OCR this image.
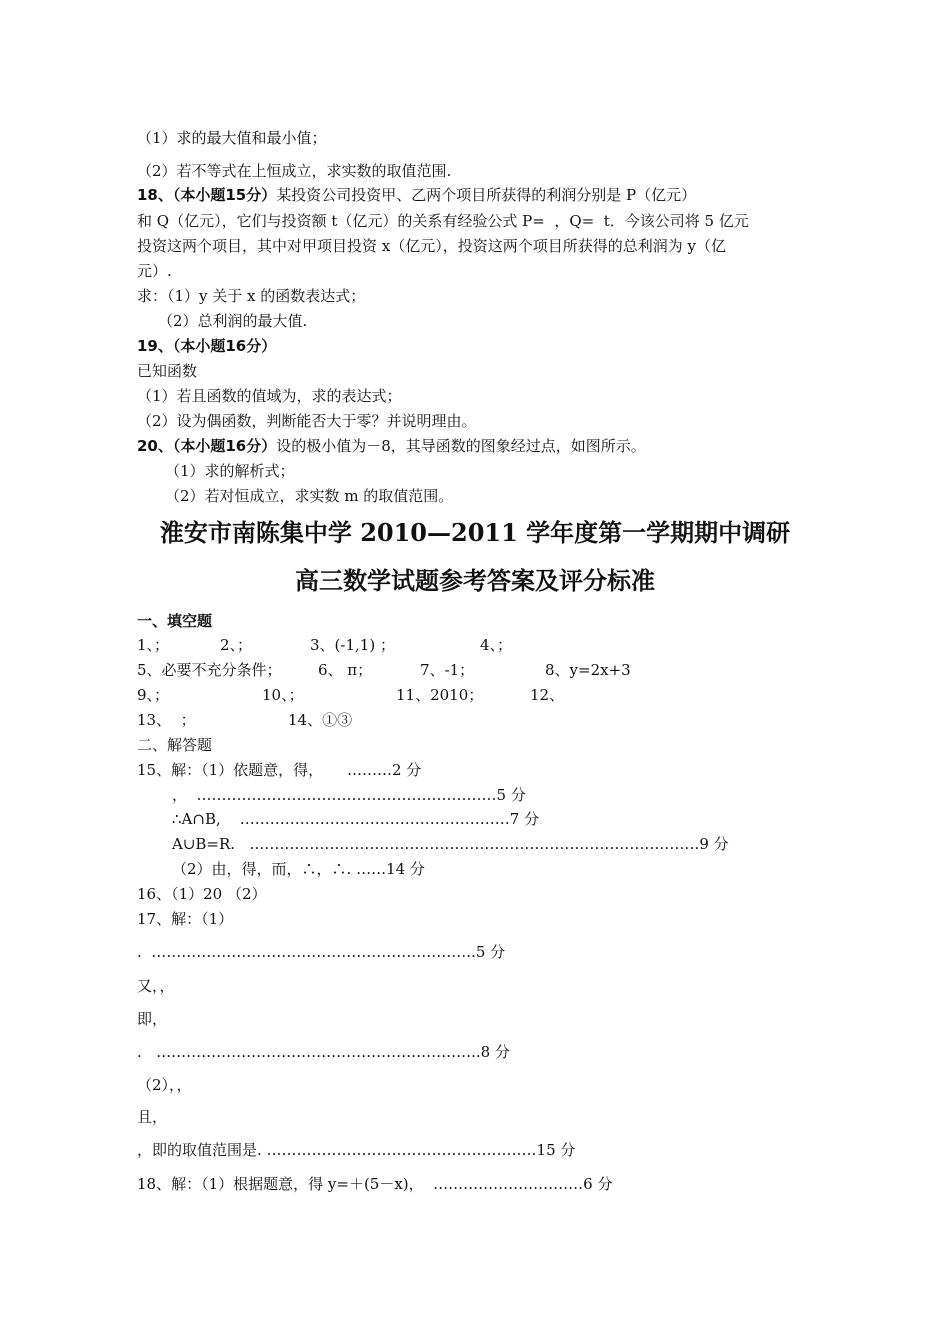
（1）求的最大值和最小值；
（2）若不等式在上恒成立，求实数的取值范围.
18、（本小题15分）某投资公司投资甲、乙两个项目所获得的利润分别是 P（亿元）
和 Q（亿元），它们与投资额 t（亿元）的关系有经验公式 P=  ，Q=  t．今该公司将 5 亿元
投资这两个项目，其中对甲项目投资 x（亿元），投资这两个项目所获得的总利润为 y（亿
元）.
求：（1）y 关于 x 的函数表达式；
（2）总利润的最大值.
19、（本小题16分）
已知函数
（1）若且函数的值域为，求的表达式；
（2）设为偶函数，判断能否大于零？并说明理由。
20、（本小题16分）设的极小值为－8，其导函数的图象经过点，如图所示。
（1）求的解析式；
（2）若对恒成立，求实数 m 的取值范围。
淮安市南陈集中学 2010—2011 学年度第一学期期中调研
高三数学试题参考答案及评分标准
一、填空题
1、；	2、；	3、(-1,1) ；	4、；
5、必要不充分条件； 6、 π；	7、-1；	8、y=2x+3
9、；	10、；	11、2010；	12、
13、  ；	14、①③
二、解答题
15、解：（1）依题意，得，     ………2 分
，  ……………………………………………………5 分
∴A∩B,    ………………………………………………7 分
A∪B=R.   ………………………………………………………………………………9 分
（2）由，得，而，∴，∴. ……14 分
16、（1）20 （2）
17、解：（1）
.  ………………………………………………………..5 分
又，，
即，
.   ………………………………………………………..8 分
（2），，
且，
，即的取值范围是. ………………………………………………15 分
18、解：（1）根据题意，得 y=＋(5－x)，  …………………………6 分
